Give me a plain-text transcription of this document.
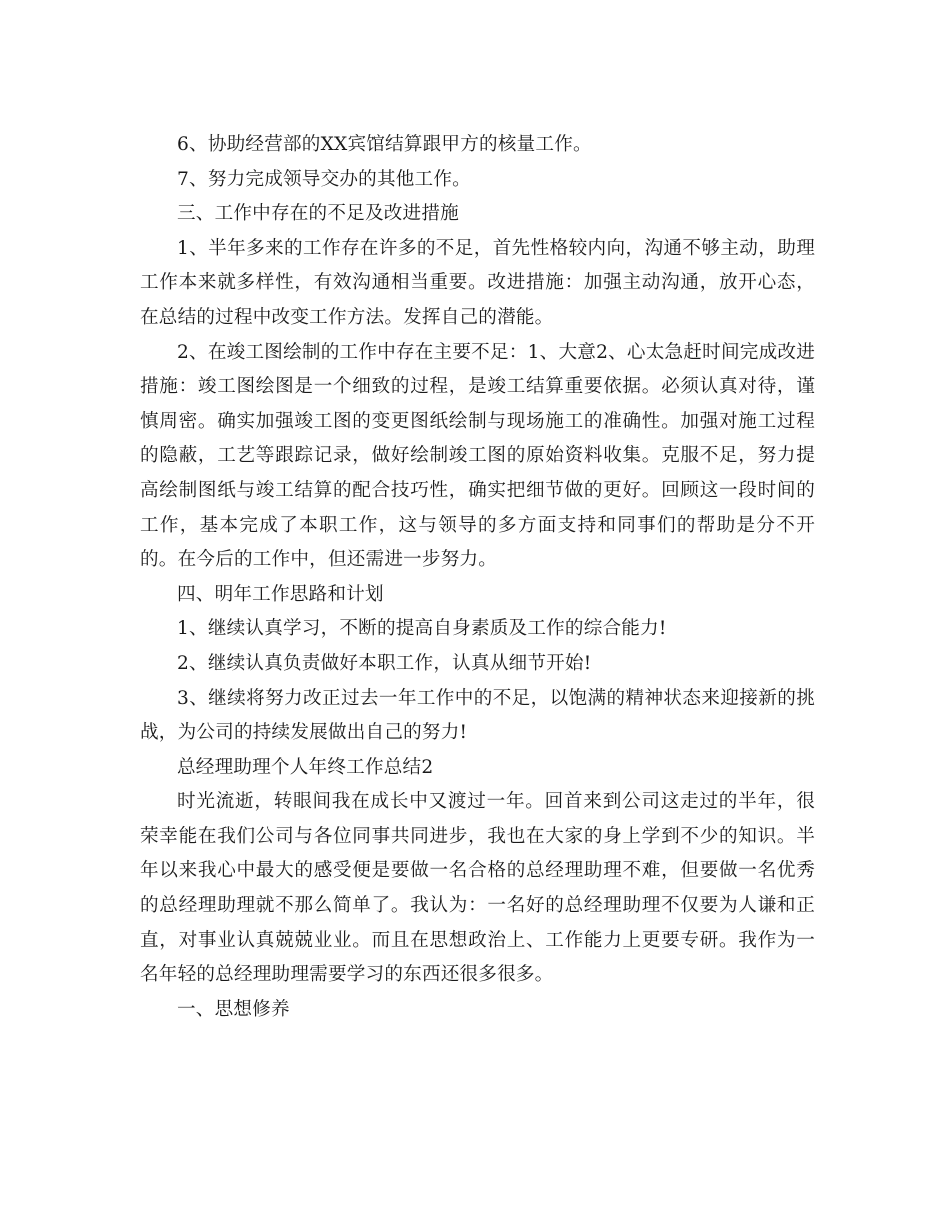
6、协助经营部的XX宾馆结算跟甲方的核量工作。

7、努力完成领导交办的其他工作。

三、工作中存在的不足及改进措施

1、半年多来的工作存在许多的不足，首先性格较内向，沟通不够主动，助理工作本来就多样性，有效沟通相当重要。改进措施：加强主动沟通，放开心态，在总结的过程中改变工作方法。发挥自己的潜能。

2、在竣工图绘制的工作中存在主要不足：1、大意2、心太急赶时间完成改进措施：竣工图绘图是一个细致的过程，是竣工结算重要依据。必须认真对待，谨慎周密。确实加强竣工图的变更图纸绘制与现场施工的准确性。加强对施工过程的隐蔽，工艺等跟踪记录，做好绘制竣工图的原始资料收集。克服不足，努力提高绘制图纸与竣工结算的配合技巧性，确实把细节做的更好。回顾这一段时间的工作，基本完成了本职工作，这与领导的多方面支持和同事们的帮助是分不开的。在今后的工作中，但还需进一步努力。

四、明年工作思路和计划

1、继续认真学习，不断的提高自身素质及工作的综合能力!

2、继续认真负责做好本职工作，认真从细节开始!

3、继续将努力改正过去一年工作中的不足，以饱满的精神状态来迎接新的挑战，为公司的持续发展做出自己的努力!

总经理助理个人年终工作总结2

时光流逝，转眼间我在成长中又渡过一年。回首来到公司这走过的半年，很荣幸能在我们公司与各位同事共同进步，我也在大家的身上学到不少的知识。半年以来我心中最大的感受便是要做一名合格的总经理助理不难，但要做一名优秀的总经理助理就不那么简单了。我认为：一名好的总经理助理不仅要为人谦和正直，对事业认真兢兢业业。而且在思想政治上、工作能力上更要专研。我作为一名年轻的总经理助理需要学习的东西还很多很多。

一、思想修养
